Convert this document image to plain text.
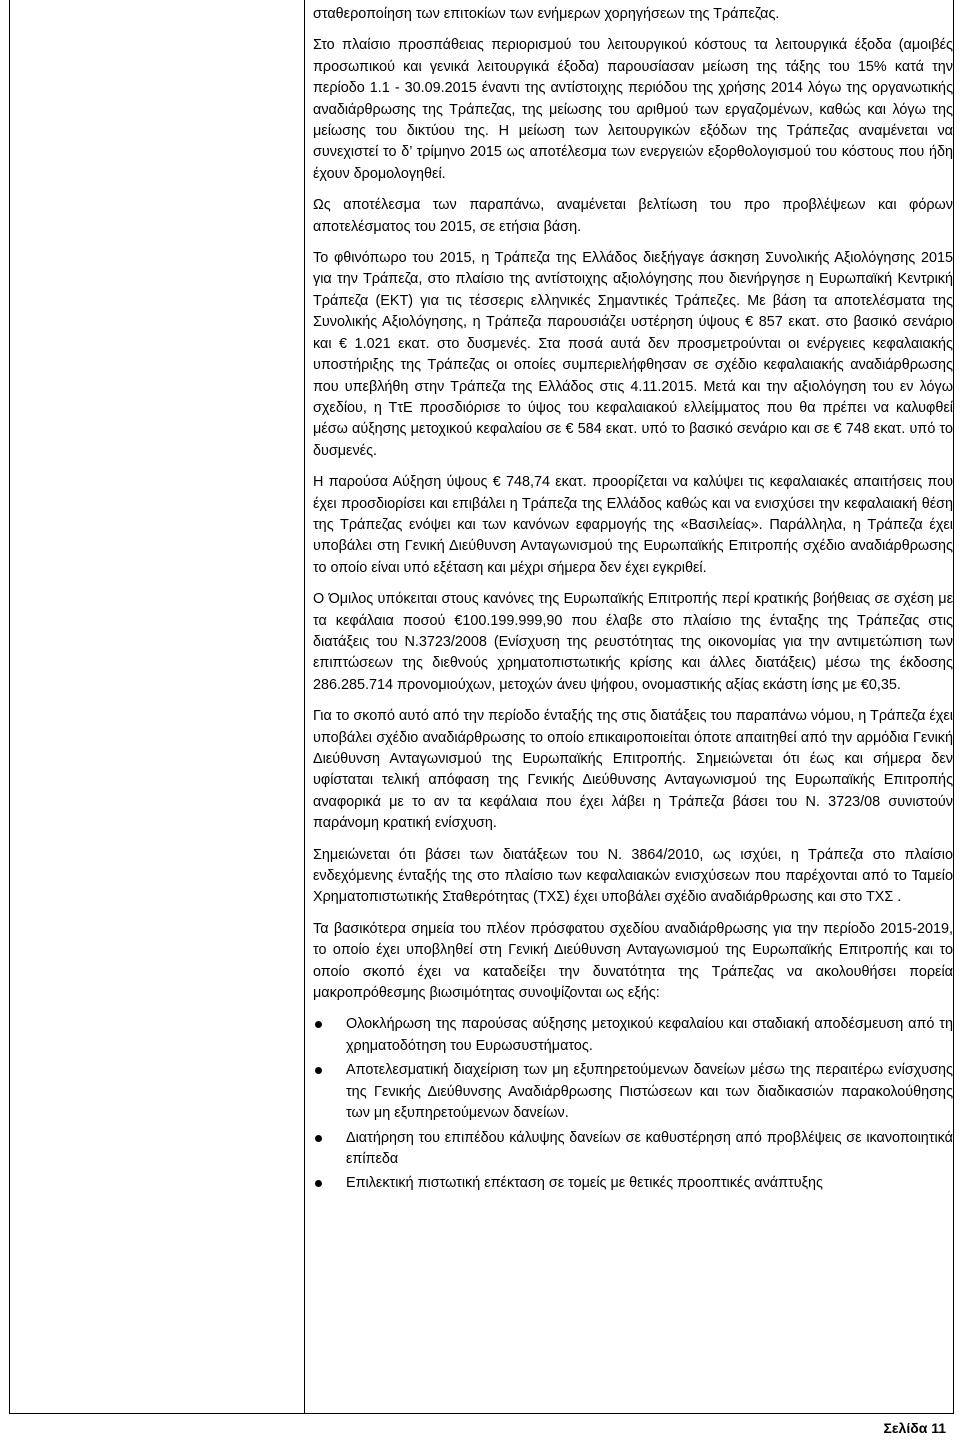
σταθεροποίηση των επιτοκίων των ενήμερων χορηγήσεων της Τράπεζας.

Στο πλαίσιο προσπάθειας περιορισμού του λειτουργικού κόστους τα λειτουργικά έξοδα (αμοιβές προσωπικού και γενικά λειτουργικά έξοδα) παρουσίασαν μείωση της τάξης του 15% κατά την περίοδο 1.1 - 30.09.2015 έναντι της αντίστοιχης περιόδου της χρήσης 2014 λόγω της οργανωτικής αναδιάρθρωσης της Τράπεζας, της μείωσης του αριθμού των εργαζομένων, καθώς και λόγω της μείωσης του δικτύου της. Η μείωση των λειτουργικών εξόδων της Τράπεζας αναμένεται να συνεχιστεί το δ’ τρίμηνο 2015 ως αποτέλεσμα των ενεργειών εξορθολογισμού του κόστους που ήδη έχουν δρομολογηθεί.

Ως αποτέλεσμα των παραπάνω, αναμένεται βελτίωση του προ προβλέψεων και φόρων αποτελέσματος του 2015, σε ετήσια βάση.

Το φθινόπωρο του 2015, η Τράπεζα της Ελλάδος διεξήγαγε άσκηση Συνολικής Αξιολόγησης 2015 για την Τράπεζα, στο πλαίσιο της αντίστοιχης αξιολόγησης που διενήργησε η Ευρωπαϊκή Κεντρική Τράπεζα (ΕΚΤ) για τις τέσσερις ελληνικές Σημαντικές Τράπεζες. Με βάση τα αποτελέσματα της Συνολικής Αξιολόγησης, η Τράπεζα παρουσιάζει υστέρηση ύψους € 857 εκατ. στο βασικό σενάριο και € 1.021 εκατ. στο δυσμενές. Στα ποσά αυτά δεν προσμετρούνται οι ενέργειες κεφαλαιακής υποστήριξης της Τράπεζας οι οποίες συμπεριελήφθησαν σε σχέδιο κεφαλαιακής αναδιάρθρωσης που υπεβλήθη στην Τράπεζα της Ελλάδος στις 4.11.2015. Μετά και την αξιολόγηση του εν λόγω σχεδίου, η ΤτΕ προσδιόρισε το ύψος του κεφαλαιακού ελλείμματος που θα πρέπει να καλυφθεί μέσω αύξησης μετοχικού κεφαλαίου σε € 584 εκατ. υπό το βασικό σενάριο και σε € 748 εκατ. υπό το δυσμενές.

Η παρούσα Αύξηση ύψους € 748,74 εκατ. προορίζεται να καλύψει τις κεφαλαιακές απαιτήσεις που έχει προσδιορίσει και επιβάλει η Τράπεζα της Ελλάδος καθώς και να ενισχύσει την κεφαλαιακή θέση της Τράπεζας ενόψει και των κανόνων εφαρμογής της «Βασιλείας». Παράλληλα, η Τράπεζα έχει υποβάλει στη Γενική Διεύθυνση Ανταγωνισμού της Ευρωπαϊκής Επιτροπής σχέδιο αναδιάρθρωσης το οποίο είναι υπό εξέταση και μέχρι σήμερα δεν έχει εγκριθεί.

Ο Όμιλος υπόκειται στους κανόνες της Ευρωπαϊκής Επιτροπής περί κρατικής βοήθειας σε σχέση με τα κεφάλαια ποσού €100.199.999,90 που έλαβε στο πλαίσιο της ένταξης της Τράπεζας στις διατάξεις του Ν.3723/2008 (Ενίσχυση της ρευστότητας της οικονομίας για την αντιμετώπιση των επιπτώσεων της διεθνούς χρηματοπιστωτικής κρίσης και άλλες διατάξεις) μέσω της έκδοσης 286.285.714 προνομιούχων, μετοχών άνευ ψήφου, ονομαστικής αξίας εκάστη ίσης με €0,35.

Για το σκοπό αυτό από την περίοδο ένταξής της στις διατάξεις του παραπάνω νόμου, η Τράπεζα έχει υποβάλει σχέδιο αναδιάρθρωσης το οποίο επικαιροποιείται όποτε απαιτηθεί από την αρμόδια Γενική Διεύθυνση Ανταγωνισμού της Ευρωπαϊκής Επιτροπής. Σημειώνεται ότι έως και σήμερα δεν υφίσταται τελική απόφαση της Γενικής Διεύθυνσης Ανταγωνισμού της Ευρωπαϊκής Επιτροπής αναφορικά με το αν τα κεφάλαια που έχει λάβει η Τράπεζα βάσει του Ν. 3723/08 συνιστούν παράνομη κρατική ενίσχυση.

Σημειώνεται ότι βάσει των διατάξεων του Ν. 3864/2010, ως ισχύει, η Τράπεζα στο πλαίσιο ενδεχόμενης ένταξής της στο πλαίσιο των κεφαλαιακών ενισχύσεων που παρέχονται από το Ταμείο Χρηματοπιστωτικής Σταθερότητας (ΤΧΣ) έχει υποβάλει σχέδιο αναδιάρθρωσης και στο ΤΧΣ .

Τα βασικότερα σημεία του πλέον πρόσφατου σχεδίου αναδιάρθρωσης για την περίοδο 2015-2019, το οποίο έχει υποβληθεί στη Γενική Διεύθυνση Ανταγωνισμού της Ευρωπαϊκής Επιτροπής και το οποίο σκοπό έχει να καταδείξει την δυνατότητα της Τράπεζας να ακολουθήσει πορεία μακροπρόθεσμης βιωσιμότητας συνοψίζονται ως εξής:

Ολοκλήρωση της παρούσας αύξησης μετοχικού κεφαλαίου και σταδιακή αποδέσμευση από τη χρηματοδότηση του Ευρωσυστήματος.
Αποτελεσματική διαχείριση των μη εξυπηρετούμενων δανείων μέσω της περαιτέρω ενίσχυσης της Γενικής Διεύθυνσης Αναδιάρθρωσης Πιστώσεων και των διαδικασιών παρακολούθησης των μη εξυπηρετούμενων δανείων.
Διατήρηση του επιπέδου κάλυψης δανείων σε καθυστέρηση από προβλέψεις σε ικανοποιητικά επίπεδα
Επιλεκτική πιστωτική επέκταση σε τομείς με θετικές προοπτικές ανάπτυξης
Σελίδα 11
